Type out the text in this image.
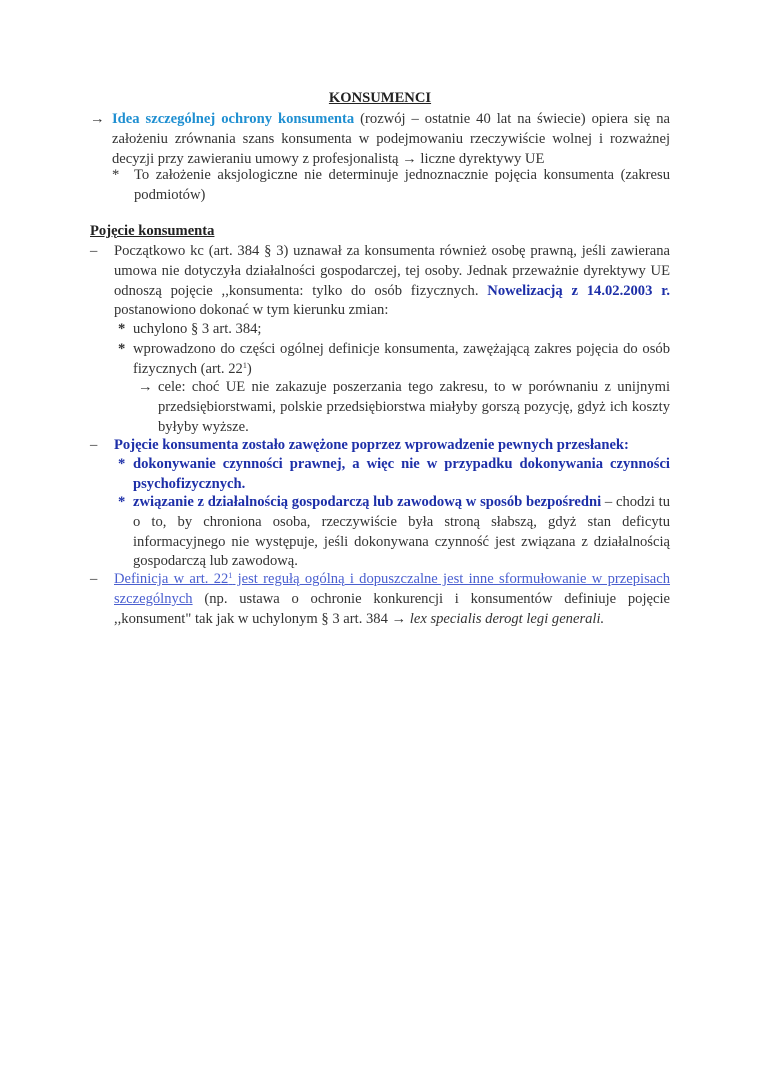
KONSUMENCI
→ Idea szczególnej ochrony konsumenta (rozwój – ostatnie 40 lat na świecie) opiera się na założeniu zrównania szans konsumenta w podejmowaniu rzeczywiście wolnej i rozważnej decyzji przy zawieraniu umowy z profesjonalistą → liczne dyrektywy UE
* To założenie aksjologiczne nie determinuje jednoznacznie pojęcia konsumenta (zakresu podmiotów)
Pojęcie konsumenta
– Początkowo kc (art. 384 § 3) uznawał za konsumenta również osobę prawną, jeśli zawierana umowa nie dotyczyła działalności gospodarczej, tej osoby. Jednak przeważnie dyrektywy UE odnoszą pojęcie ,,konsumenta: tylko do osób fizycznych. Nowelizacją z 14.02.2003 r. postanowiono dokonać w tym kierunku zmian:
* uchylono § 3 art. 384;
* wprowadzono do części ogólnej definicje konsumenta, zawężającą zakres pojęcia do osób fizycznych (art. $22^1$)
→ cele: choć UE nie zakazuje poszerzania tego zakresu, to w porównaniu z unijnymi przedsiębiorstwami, polskie przedsiębiorstwa miałyby gorszą pozycję, gdyż ich koszty byłyby wyższe.
– Pojęcie konsumenta zostało zawężone poprzez wprowadzenie pewnych przesłanek:
* dokonywanie czynności prawnej, a więc nie w przypadku dokonywania czynności psychofizycznych.
* związanie z działalnością gospodarczą lub zawodową w sposób bezpośredni – chodzi tu o to, by chroniona osoba, rzeczywiście była stroną słabszą, gdyż stan deficytu informacyjnego nie występuje, jeśli dokonywana czynność jest związana z działalnością gospodarczą lub zawodową.
– Definicja w art. $22^1$ jest regułą ogólną i dopuszczalne jest inne sformułowanie w przepisach szczególnych (np. ustawa o ochronie konkurencji i konsumentów definiuje pojęcie ,,konsument" tak jak w uchylonym § 3 art. 384 → lex specialis derogt legi generali.
